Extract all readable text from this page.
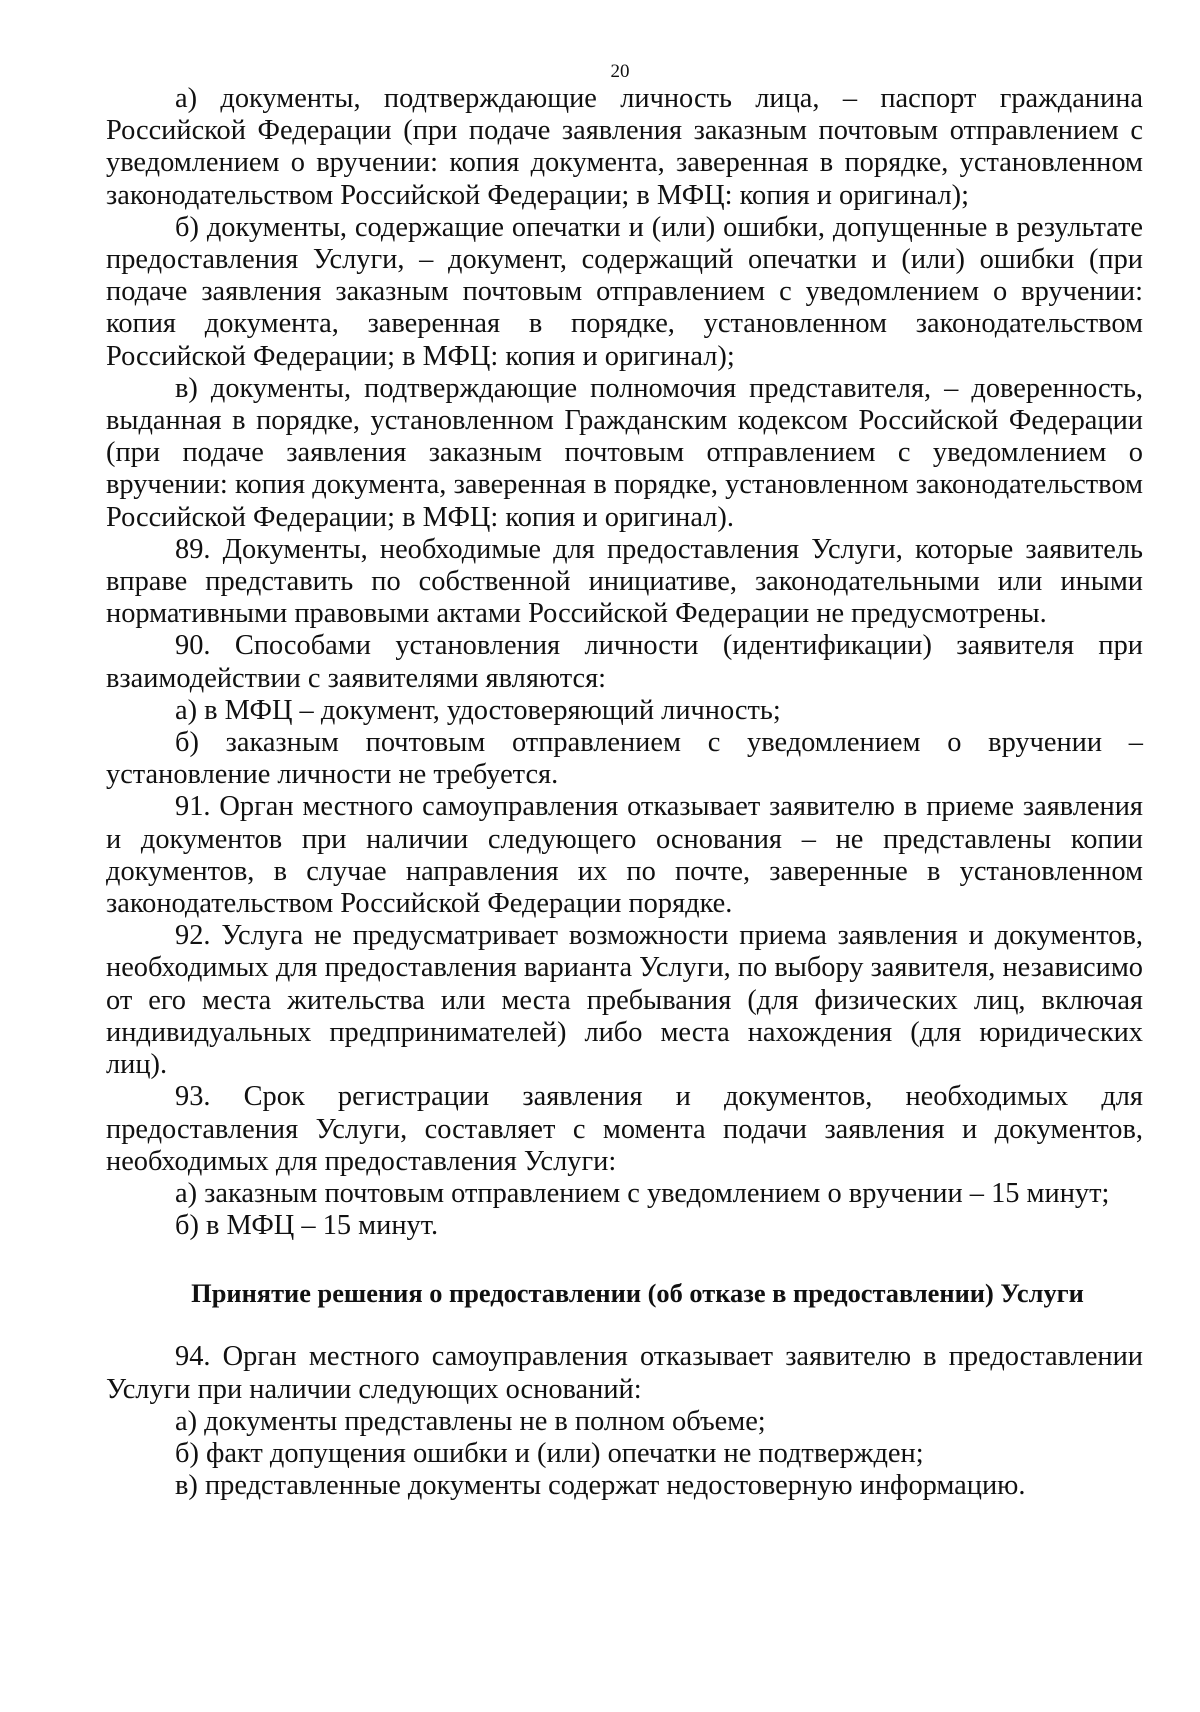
20

а) документы, подтверждающие личность лица, – паспорт гражданина Российской Федерации (при подаче заявления заказным почтовым отправлением с уведомлением о вручении: копия документа, заверенная в порядке, установленном законодательством Российской Федерации; в МФЦ: копия и оригинал);

б) документы, содержащие опечатки и (или) ошибки, допущенные в результате предоставления Услуги, – документ, содержащий опечатки и (или) ошибки (при подаче заявления заказным почтовым отправлением с уведомлением о вручении: копия документа, заверенная в порядке, установленном законодательством Российской Федерации; в МФЦ: копия и оригинал);

в) документы, подтверждающие полномочия представителя, – доверенность, выданная в порядке, установленном Гражданским кодексом Российской Федерации (при подаче заявления заказным почтовым отправлением с уведомлением о вручении: копия документа, заверенная в порядке, установленном законодательством Российской Федерации; в МФЦ: копия и оригинал).

89. Документы, необходимые для предоставления Услуги, которые заявитель вправе представить по собственной инициативе, законодательными или иными нормативными правовыми актами Российской Федерации не предусмотрены.

90. Способами установления личности (идентификации) заявителя при взаимодействии с заявителями являются:

а) в МФЦ – документ, удостоверяющий личность;

б) заказным почтовым отправлением с уведомлением о вручении – установление личности не требуется.

91. Орган местного самоуправления отказывает заявителю в приеме заявления и документов при наличии следующего основания – не представлены копии документов, в случае направления их по почте, заверенные в установленном законодательством Российской Федерации порядке.

92. Услуга не предусматривает возможности приема заявления и документов, необходимых для предоставления варианта Услуги, по выбору заявителя, независимо от его места жительства или места пребывания (для физических лиц, включая индивидуальных предпринимателей) либо места нахождения (для юридических лиц).

93. Срок регистрации заявления и документов, необходимых для предоставления Услуги, составляет с момента подачи заявления и документов, необходимых для предоставления Услуги:

а) заказным почтовым отправлением с уведомлением о вручении – 15 минут;

б) в МФЦ – 15 минут.

Принятие решения о предоставлении (об отказе в предоставлении) Услуги

94. Орган местного самоуправления отказывает заявителю в предоставлении Услуги при наличии следующих оснований:

а) документы представлены не в полном объеме;

б) факт допущения ошибки и (или) опечатки не подтвержден;

в) представленные документы содержат недостоверную информацию.
